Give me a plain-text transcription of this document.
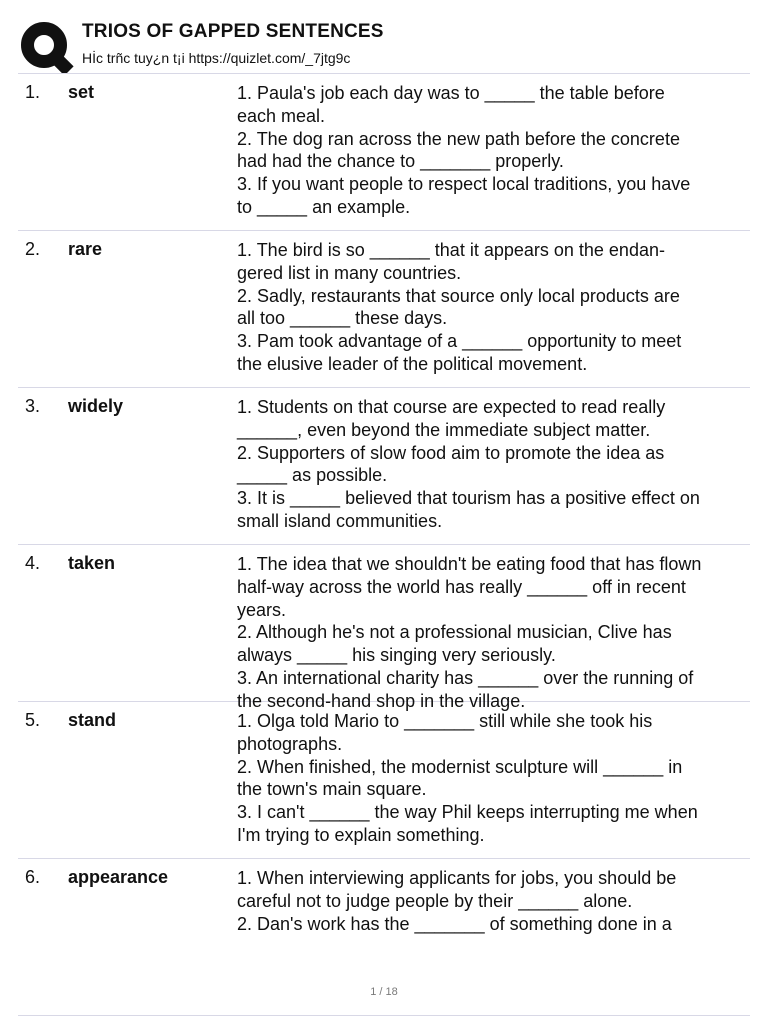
TRIOS OF GAPPED SENTENCES
Hİc trñc tuy¿n t¡i https://quizlet.com/_7jtg9c
1. set	1. Paula's job each day was to _____ the table before
each meal.
2. The dog ran across the new path before the concrete
had had the chance to _______ properly.
3. If you want people to respect local traditions, you have
to _____ an example.
2. rare	1. The bird is so ______ that it appears on the endan-
gered list in many countries.
2. Sadly, restaurants that source only local products are
all too ______ these days.
3. Pam took advantage of a ______ opportunity to meet
the elusive leader of the political movement.
3. widely	1. Students on that course are expected to read really
______, even beyond the immediate subject matter.
2. Supporters of slow food aim to promote the idea as
_____ as possible.
3. It is _____ believed that tourism has a positive effect on
small island communities.
4. taken	1. The idea that we shouldn't be eating food that has flown
half-way across the world has really ______ off in recent
years.
2. Although he's not a professional musician, Clive has
always _____ his singing very seriously.
3. An international charity has ______ over the running of
the second-hand shop in the village.
5. stand	1. Olga told Mario to _______ still while she took his
photographs.
2. When finished, the modernist sculpture will ______ in
the town's main square.
3. I can't ______ the way Phil keeps interrupting me when
I'm trying to explain something.
6. appearance	1. When interviewing applicants for jobs, you should be
careful not to judge people by their ______ alone.
2. Dan's work has the _______ of something done in a
1 / 18
